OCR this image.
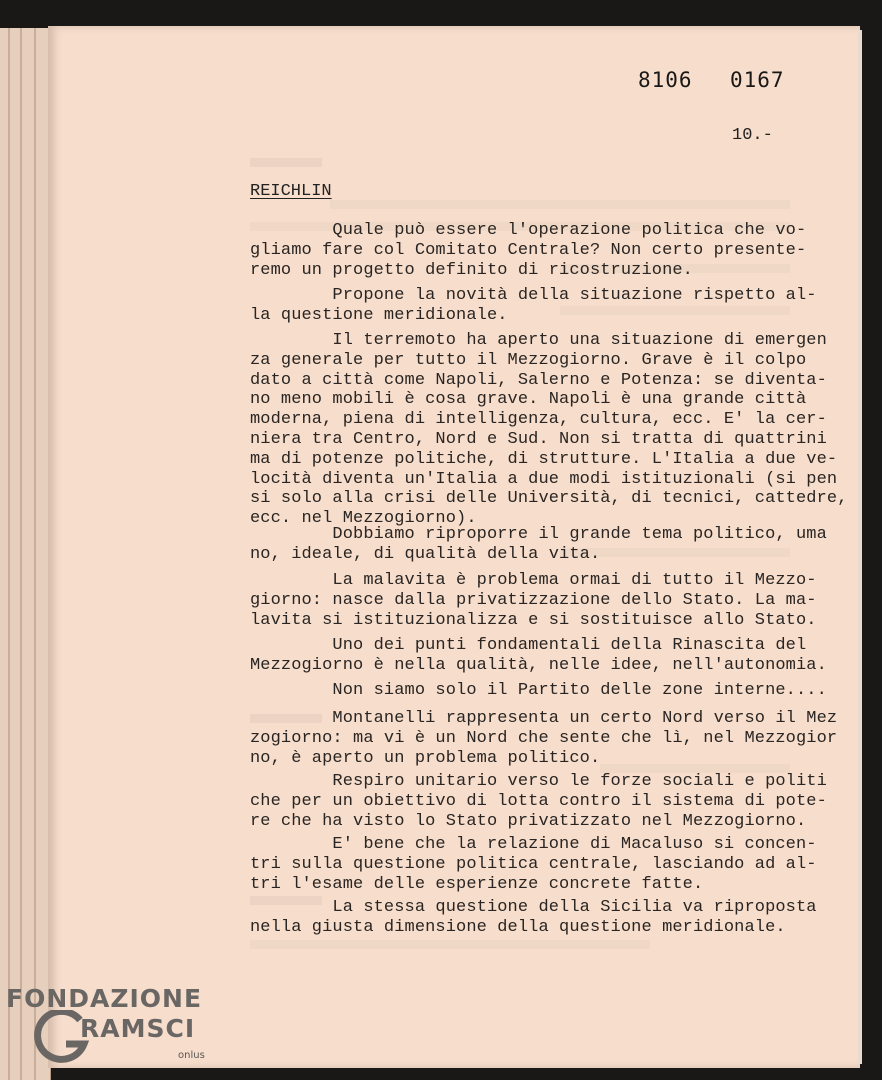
8106 0167
10.-
REICHLIN

Quale può essere l'operazione politica che vo-
gliamo fare col Comitato Centrale? Non certo presente-
remo un progetto definito di ricostruzione.

Propone la novità della situazione rispetto al-
la questione meridionale.

Il terremoto ha aperto una situazione di emergen
za generale per tutto il Mezzogiorno. Grave è il colpo
dato a città come Napoli, Salerno e Potenza: se diventa-
no meno mobili è cosa grave. Napoli è una grande città
moderna, piena di intelligenza, cultura, ecc. E' la cer-
niera tra Centro, Nord e Sud. Non si tratta di quattrini
ma di potenze politiche, di strutture. L'Italia a due
locità diventa un'Italia a due modi istituzionali (si
si solo alla crisi delle Università, di tecnici, cattedre,
ecc. nel Mezzogiorno).

Dobbiamo riproporre il grande tema politico, uma
no, ideale, di qualità della vita.

La malavita è problema ormai di tutto il Mezzo-
giorno: nasce dalla privatizzazione dello Stato. La ma-
lavita si istituzionalizza e si sostituisce allo Stato.

Uno dei punti fondamentali della Rinascita del
Mezzogiorno è nella qualità, nelle idee, nell'autonomia.

Non siamo solo il Partito delle zone interne....

Montanelli rappresenta un certo Nord verso il
zogiorno: ma vi è un Nord che sente che lì, nel Mezzogior
no, è aperto un problema politico.

Respiro unitario verso le forze sociali e politi
che per un obiettivo di lotta contro il sistema di pote-
re che ha visto lo Stato privatizzato nel Mezzogiorno.

E' bene che la relazione di Macaluso si concen-
tri sulla questione politica centrale, lasciando ad al-
tri l'esame delle esperienze concrete fatte.

La stessa questione della Sicilia va riproposta
nella giusta dimensione della questione meridionale.

FONDAZIONE
RAMSCI
onlus
